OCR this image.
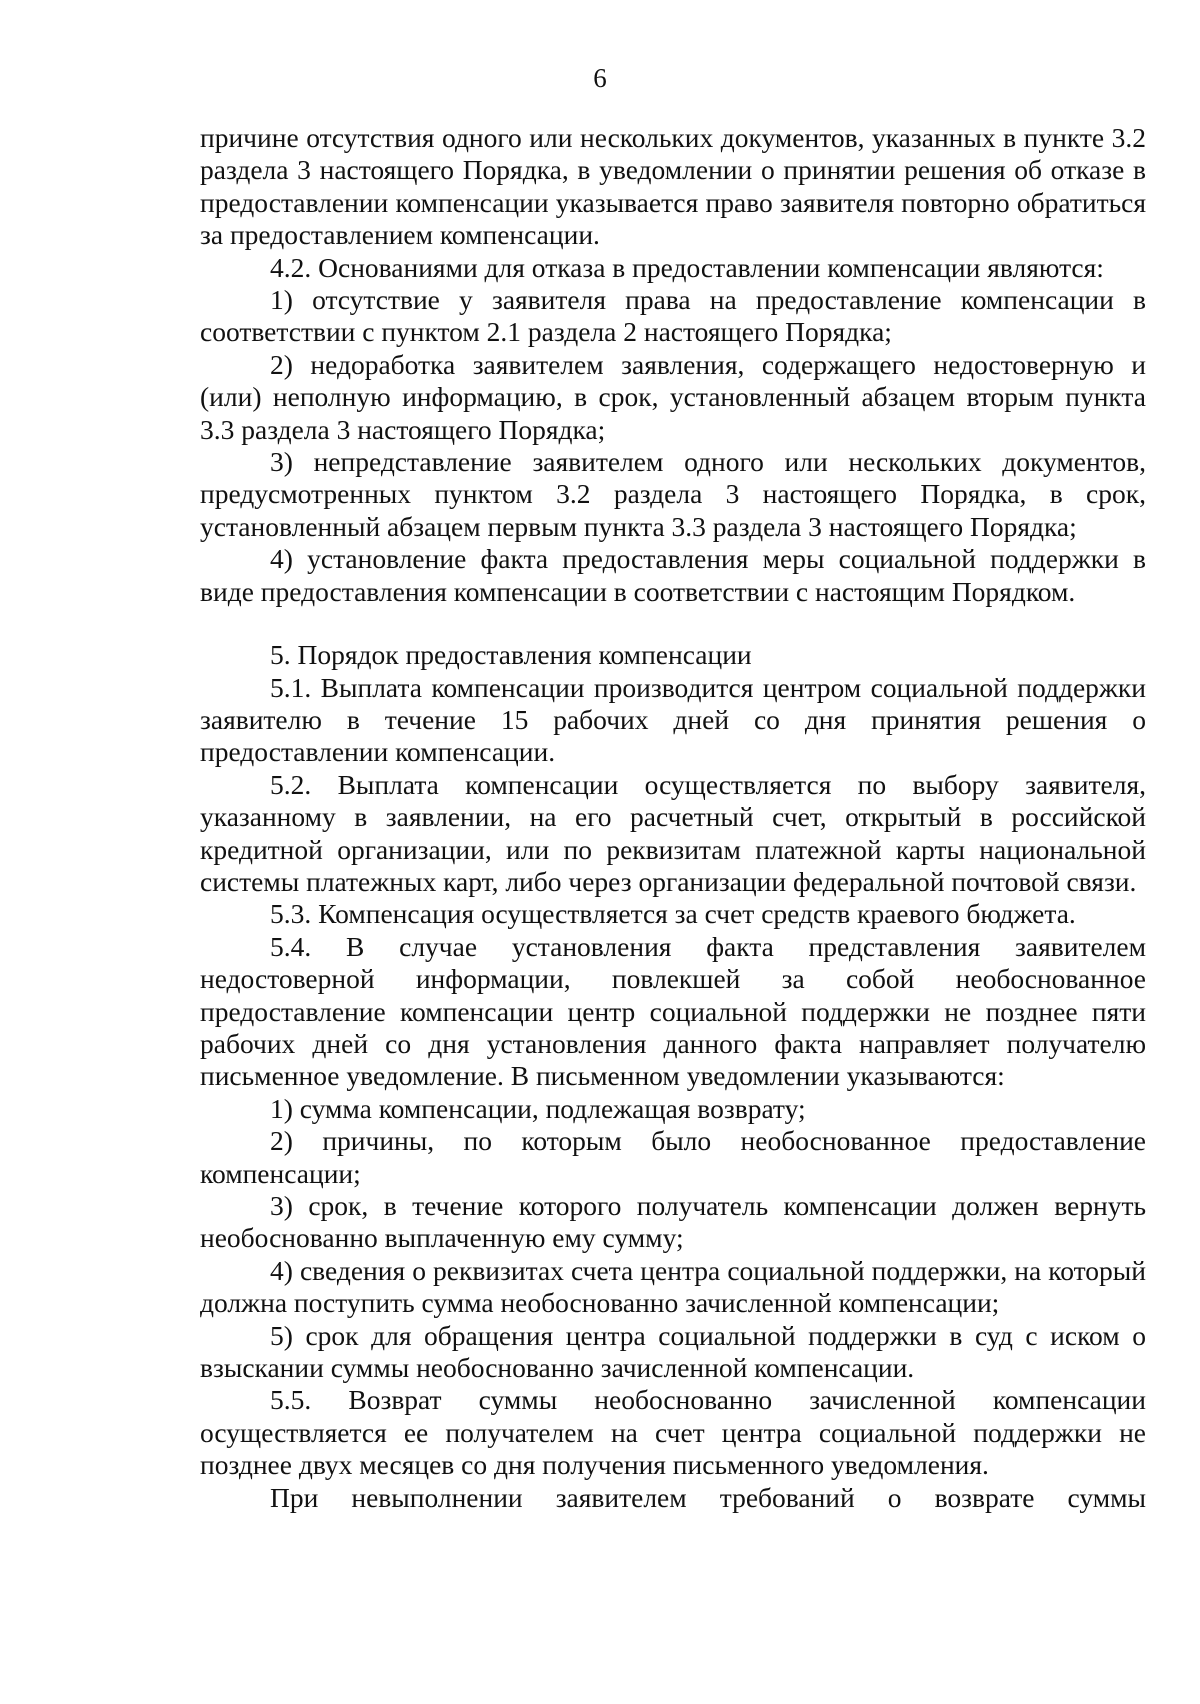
6

причине отсутствия одного или нескольких документов, указанных в пункте 3.2 раздела 3 настоящего Порядка, в уведомлении о принятии решения об отказе в предоставлении компенсации указывается право заявителя повторно обратиться за предоставлением компенсации.

4.2. Основаниями для отказа в предоставлении компенсации являются:

1) отсутствие у заявителя права на предоставление компенсации в соответствии с пунктом 2.1 раздела 2 настоящего Порядка;

2) недоработка заявителем заявления, содержащего недостоверную и (или) неполную информацию, в срок, установленный абзацем вторым пункта 3.3 раздела 3 настоящего Порядка;

3) непредставление заявителем одного или нескольких документов, предусмотренных пунктом 3.2 раздела 3 настоящего Порядка, в срок, установленный абзацем первым пункта 3.3 раздела 3 настоящего Порядка;

4) установление факта предоставления меры социальной поддержки в виде предоставления компенсации в соответствии с настоящим Порядком.

5. Порядок предоставления компенсации

5.1. Выплата компенсации производится центром социальной поддержки заявителю в течение 15 рабочих дней со дня принятия решения о предоставлении компенсации.

5.2. Выплата компенсации осуществляется по выбору заявителя, указанному в заявлении, на его расчетный счет, открытый в российской кредитной организации, или по реквизитам платежной карты национальной системы платежных карт, либо через организации федеральной почтовой связи.

5.3. Компенсация осуществляется за счет средств краевого бюджета.

5.4. В случае установления факта представления заявителем недостоверной информации, повлекшей за собой необоснованное предоставление компенсации центр социальной поддержки не позднее пяти рабочих дней со дня установления данного факта направляет получателю письменное уведомление. В письменном уведомлении указываются:

1) сумма компенсации, подлежащая возврату;

2) причины, по которым было необоснованное предоставление компенсации;

3) срок, в течение которого получатель компенсации должен вернуть необоснованно выплаченную ему сумму;

4) сведения о реквизитах счета центра социальной поддержки, на который должна поступить сумма необоснованно зачисленной компенсации;

5) срок для обращения центра социальной поддержки в суд с иском о взыскании суммы необоснованно зачисленной компенсации.

5.5. Возврат суммы необоснованно зачисленной компенсации осуществляется ее получателем на счет центра социальной поддержки не позднее двух месяцев со дня получения письменного уведомления.

При невыполнении заявителем требований о возврате суммы
